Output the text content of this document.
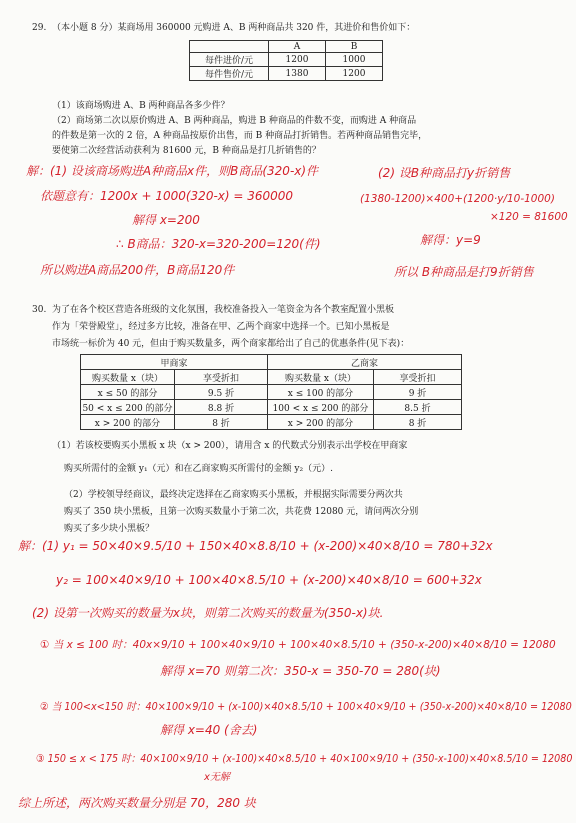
29. （本小题 8 分）某商场用 360000 元购进 A、B 两种商品共 320 件，其进价和售价如下：
	A	B
每件进价/元	1200	1000
每件售价/元	1380	1200
（1）该商场购进 A、B 两种商品各多少件？
（2）商场第二次以原价购进 A、B 两种商品，购进 B 种商品的件数不变，而购进 A 种商品
的件数是第一次的 2 倍，A 种商品按原价出售，而 B 种商品打折销售。若两种商品销售完毕，
要使第二次经营活动获利为 81600 元，B 种商品是打几折销售的？
解：(1) 设该商场购进A种商品x件，则B商品(320-x)件
依题意有：1200x + 1000(320-x) = 360000
解得 x=200
∴ B商品：320-x=320-200=120(件)
所以购进A商品200件，B商品120件
(2) 设B种商品打y折销售
(1380-1200)×400+(1200·y/10-1000)
×120 = 81600
解得：y=9
所以 B种商品是打9折销售
30. 为了在各个校区营造各班级的文化氛围，我校准备投入一笔资金为各个教室配置小黑板
作为「荣誉殿堂」，经过多方比较，准备在甲、乙两个商家中选择一个。已知小黑板是
市场统一标价为 40 元，但由于购买数量多，两个商家都给出了自己的优惠条件(见下表)：
甲商家		乙商家	
购买数量 x（块）	享受折扣	购买数量 x（块）	享受折扣
x ≤ 50 的部分	9.5 折	x ≤ 100 的部分	9 折
50 < x ≤ 200 的部分	8.8 折	100 < x ≤ 200 的部分	8.5 折
x > 200 的部分	8 折	x > 200 的部分	8 折
（1）若该校要购买小黑板 x 块（x > 200），请用含 x 的代数式分别表示出学校在甲商家
购买所需付的金额 y₁（元）和在乙商家购买所需付的金额 y₂（元）.
（2）学校领导经商议，最终决定选择在乙商家购买小黑板，并根据实际需要分两次共
购买了 350 块小黑板，且第一次购买数量小于第二次，共花费 12080 元，请问两次分别
购买了多少块小黑板？
解：(1) y₁ = 50×40×9.5/10 + 150×40×8.8/10 + (x-200)×40×8/10 = 780+32x
y₂ = 100×40×9/10 + 100×40×8.5/10 + (x-200)×40×8/10 = 600+32x
(2) 设第一次购买的数量为x块，则第二次购买的数量为(350-x)块.
① 当 x ≤ 100 时：40x×9/10 + 100×40×9/10 + 100×40×8.5/10 + (350-x-200)×40×8/10 = 12080
解得 x=70 则第二次：350-x = 350-70 = 280(块)
② 当 100<x<150 时：40×100×9/10 + (x-100)×40×8.5/10 + 100×40×9/10 + (350-x-200)×40×8/10 = 12080
解得 x=40 (舍去)
x无解
③ 150 ≤ x < 175 时：40×100×9/10 + (x-100)×40×8.5/10 + 40×100×9/10 + (350-x-100)×40×8.5/10 = 12080
综上所述，两次购买数量分别是 70，280 块
